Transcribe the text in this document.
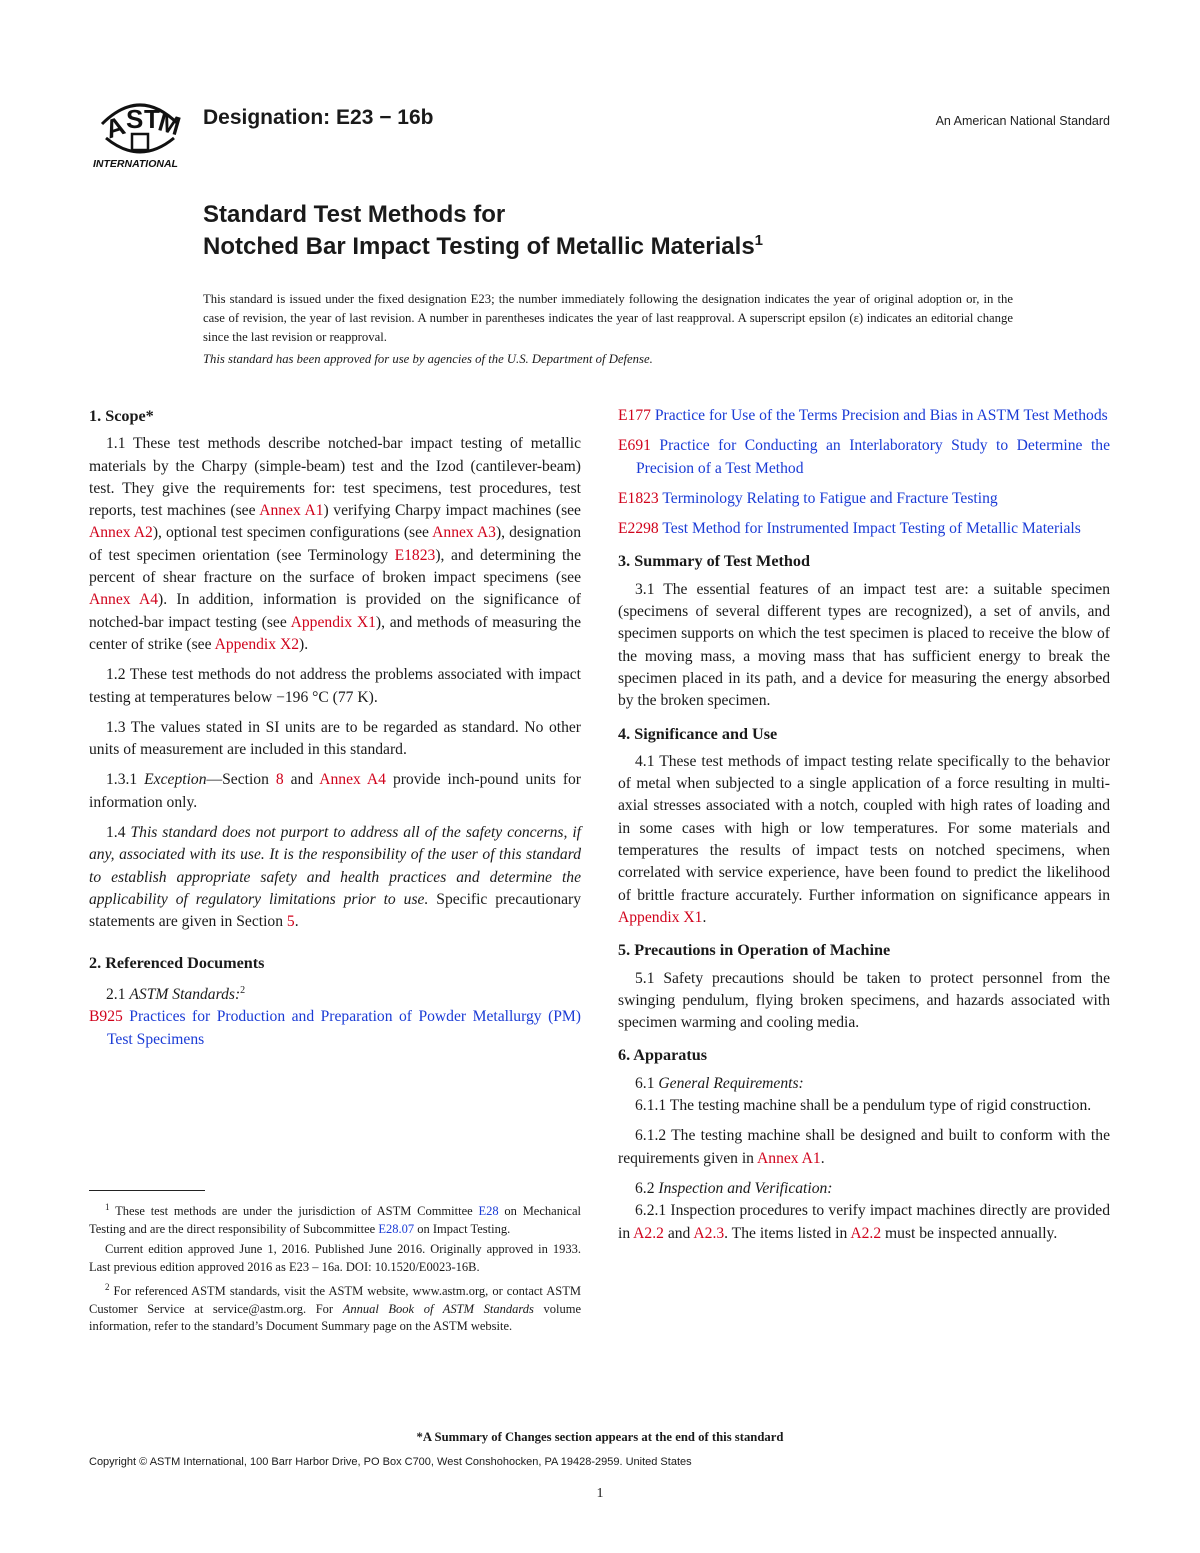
A
S T
M
INTERNATIONAL
Designation: E23 − 16b	An American National Standard
Standard Test Methods for
Notched Bar Impact Testing of Metallic Materials$^1$
This standard is issued under the fixed designation E23; the number immediately following the designation indicates the year of original adoption or, in the case of revision, the year of last revision. A number in parentheses indicates the year of last reapproval. A superscript epsilon (ε) indicates an editorial change since the last revision or reapproval.
This standard has been approved for use by agencies of the U.S. Department of Defense.
1. Scope*

1.1 These test methods describe notched-bar impact testing of metallic materials by the Charpy (simple-beam) test and the Izod (cantilever-beam) test. They give the requirements for: test specimens, test procedures, test reports, test machines (see Annex A1) verifying Charpy impact machines (see Annex A2), optional test specimen configurations (see Annex A3), designation of test specimen orientation (see Terminology E1823), and determining the percent of shear fracture on the surface of broken impact specimens (see Annex A4). In addition, information is provided on the significance of notched-bar impact testing (see Appendix X1), and methods of measuring the center of strike (see Appendix X2).

1.2 These test methods do not address the problems associated with impact testing at temperatures below −196 °C (77 K).

1.3 The values stated in SI units are to be regarded as standard. No other units of measurement are included in this standard.

1.3.1 Exception—Section 8 and Annex A4 provide inch-pound units for information only.

1.4 This standard does not purport to address all of the safety concerns, if any, associated with its use. It is the responsibility of the user of this standard to establish appropriate safety and health practices and determine the applicability of regulatory limitations prior to use. Specific precautionary statements are given in Section 5.

2. Referenced Documents

2.1 ASTM Standards:$^2$

B925 Practices for Production and Preparation of Powder Metallurgy (PM) Test Specimens

E177 Practice for Use of the Terms Precision and Bias in ASTM Test Methods

E691 Practice for Conducting an Interlaboratory Study to Determine the Precision of a Test Method

E1823 Terminology Relating to Fatigue and Fracture Testing

E2298 Test Method for Instrumented Impact Testing of Metallic Materials

3. Summary of Test Method

3.1 The essential features of an impact test are: a suitable specimen (specimens of several different types are recognized), a set of anvils, and specimen supports on which the test specimen is placed to receive the blow of the moving mass, a moving mass that has sufficient energy to break the specimen placed in its path, and a device for measuring the energy absorbed by the broken specimen.

4. Significance and Use

4.1 These test methods of impact testing relate specifically to the behavior of metal when subjected to a single application of a force resulting in multi-axial stresses associated with a notch, coupled with high rates of loading and in some cases with high or low temperatures. For some materials and temperatures the results of impact tests on notched specimens, when correlated with service experience, have been found to predict the likelihood of brittle fracture accurately. Further information on significance appears in Appendix X1.

5. Precautions in Operation of Machine

5.1 Safety precautions should be taken to protect personnel from the swinging pendulum, flying broken specimens, and hazards associated with specimen warming and cooling media.

6. Apparatus

6.1 General Requirements:

6.1.1 The testing machine shall be a pendulum type of rigid construction.

6.1.2 The testing machine shall be designed and built to conform with the requirements given in Annex A1.

6.2 Inspection and Verification:

6.2.1 Inspection procedures to verify impact machines directly are provided in A2.2 and A2.3. The items listed in A2.2 must be inspected annually.

$^1$ These test methods are under the jurisdiction of ASTM Committee E28 on Mechanical Testing and are the direct responsibility of Subcommittee E28.07 on Impact Testing.

Current edition approved June 1, 2016. Published June 2016. Originally approved in 1933. Last previous edition approved 2016 as E23 – 16a. DOI: 10.1520/E0023-16B.

$^2$ For referenced ASTM standards, visit the ASTM website, www.astm.org, or contact ASTM Customer Service at service@astm.org. For Annual Book of ASTM Standards volume information, refer to the standard’s Document Summary page on the ASTM website.

*A Summary of Changes section appears at the end of this standard
Copyright © ASTM International, 100 Barr Harbor Drive, PO Box C700, West Conshohocken, PA 19428-2959. United States
1
